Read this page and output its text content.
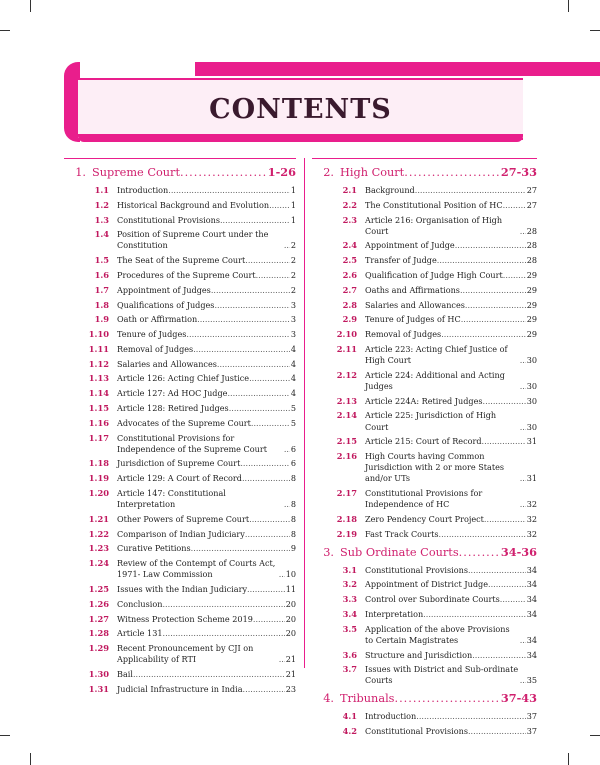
CONTENTS
1. Supreme Court .....	1-26
1.1 Introduction .....	1
1.2 Historical Background and Evolution .....	1
1.3 Constitutional Provisions .....	1
1.4 Position of Supreme Court under the Constitution .....	2
1.5 The Seat of the Supreme Court .....	2
1.6 Procedures of the Supreme Court .....	2
1.7 Appointment of Judges .....	2
1.8 Qualifications of Judges .....	3
1.9 Oath or Affirmation .....	3
1.10 Tenure of Judges .....	3
1.11 Removal of Judges .....	4
1.12 Salaries and Allowances .....	4
1.13 Article 126: Acting Chief Justice .....	4
1.14 Article 127: Ad HOC Judge .....	4
1.15 Article 128: Retired Judges .....	5
1.16 Advocates of the Supreme Court .....	5
1.17 Constitutional Provisions for Independence of the Supreme Court .....	6
1.18 Jurisdiction of Supreme Court .....	6
1.19 Article 129: A Court of Record .....	8
1.20 Article 147: Constitutional Interpretation .....	8
1.21 Other Powers of Supreme Court .....	8
1.22 Comparison of Indian Judiciary .....	8
1.23 Curative Petitions .....	9
1.24 Review of the Contempt of Courts Act, 1971- Law Commission .....	10
1.25 Issues with the Indian Judiciary .....	11
1.26 Conclusion .....	20
1.27 Witness Protection Scheme 2019 .....	20
1.28 Article 131 .....	20
1.29 Recent Pronouncement by CJI on Applicability of RTI .....	21
1.30 Bail .....	21
1.31 Judicial Infrastructure in India .....	23
2. High Court .....	27-33
2.1 Background .....	27
2.2 The Constitutional Position of HC .....	27
2.3 Article 216: Organisation of High Court .....	28
2.4 Appointment of Judge .....	28
2.5 Transfer of Judge .....	28
2.6 Qualification of Judge High Court .....	29
2.7 Oaths and Affirmations .....	29
2.8 Salaries and Allowances .....	29
2.9 Tenure of Judges of HC .....	29
2.10 Removal of Judges .....	29
2.11 Article 223: Acting Chief Justice of High Court .....	30
2.12 Article 224: Additional and Acting Judges .....	30
2.13 Article 224A: Retired Judges .....	30
2.14 Article 225: Jurisdiction of High Court .....	30
2.15 Article 215: Court of Record .....	31
2.16 High Courts having Common Jurisdiction with 2 or more States and/or UTs .....	31
2.17 Constitutional Provisions for Independence of HC .....	32
2.18 Zero Pendency Court Project .....	32
2.19 Fast Track Courts .....	32
3. Sub Ordinate Courts .....	34-36
3.1 Constitutional Provisions .....	34
3.2 Appointment of District Judge .....	34
3.3 Control over Subordinate Courts .....	34
3.4 Interpretation .....	34
3.5 Application of the above Provisions to Certain Magistrates .....	34
3.6 Structure and Jurisdiction .....	34
3.7 Issues with District and Sub-ordinate Courts .....	35
4. Tribunals .....	37-43
4.1 Introduction .....	37
4.2 Constitutional Provisions .....	37
